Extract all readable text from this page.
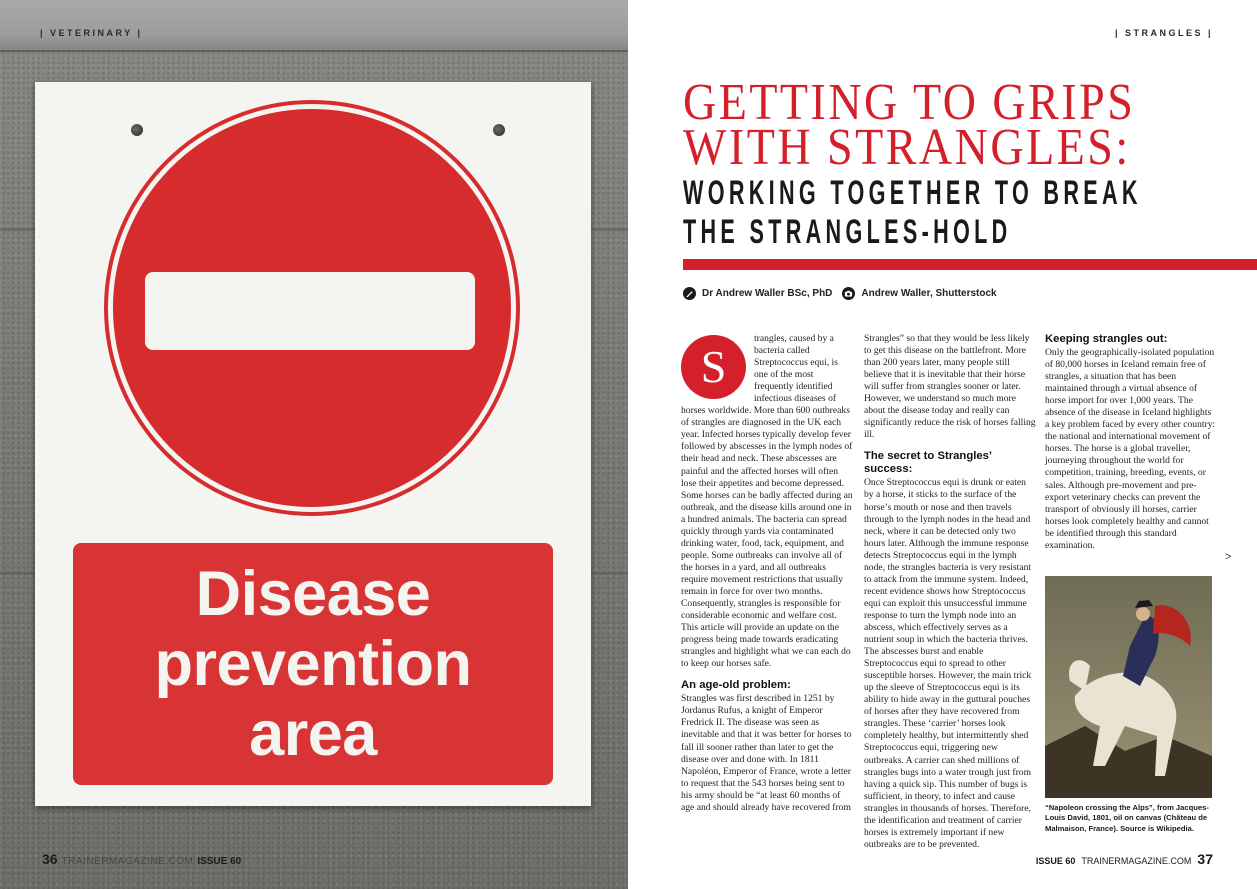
| VETERINARY |
Disease
prevention
area
36 TRAINERMAGAZINE.COM ISSUE 60
| STRANGLES |
GETTING TO GRIPS WITH STRANGLES:
WORKING TOGETHER TO BREAK THE STRANGLES-HOLD
Dr Andrew Waller BSc, PhD	Andrew Waller, Shutterstock
S

trangles, caused by a bacteria called Streptococcus equi, is one of the most frequently identified infectious diseases of horses worldwide. More than 600 outbreaks of strangles are diagnosed in the UK each year. Infected horses typically develop fever followed by abscesses in the lymph nodes of their head and neck. These abscesses are painful and the affected horses will often lose their appetites and become depressed. Some horses can be badly affected during an outbreak, and the disease kills around one in a hundred animals. The bacteria can spread quickly through yards via contaminated drinking water, food, tack, equipment, and people. Some outbreaks can involve all of the horses in a yard, and all outbreaks require movement restrictions that usually remain in force for over two months. Consequently, strangles is responsible for considerable economic and welfare cost. This article will provide an update on the progress being made towards eradicating strangles and highlight what we can each do to keep our horses safe.

An age-old problem:

Strangles was first described in 1251 by Jordanus Rufus, a knight of Emperor Fredrick II. The disease was seen as inevitable and that it was better for horses to fall ill sooner rather than later to get the disease over and done with. In 1811 Napoléon, Emperor of France, wrote a letter to request that the 543 horses being sent to his army should be “at least 60 months of age and should already have recovered from

Strangles” so that they would be less likely to get this disease on the battlefront. More than 200 years later, many people still believe that it is inevitable that their horse will suffer from strangles sooner or later. However, we understand so much more about the disease today and really can significantly reduce the risk of horses falling ill.

The secret to Strangles’ success:

Once Streptococcus equi is drunk or eaten by a horse, it sticks to the surface of the horse’s mouth or nose and then travels through to the lymph nodes in the head and neck, where it can be detected only two hours later. Although the immune response detects Streptococcus equi in the lymph node, the strangles bacteria is very resistant to attack from the immune system. Indeed, recent evidence shows how Streptococcus equi can exploit this unsuccessful immune response to turn the lymph node into an abscess, which effectively serves as a nutrient soup in which the bacteria thrives. The abscesses burst and enable Streptococcus equi to spread to other susceptible horses. However, the main trick up the sleeve of Streptococcus equi is its ability to hide away in the guttural pouches of horses after they have recovered from strangles. These ‘carrier’ horses look completely healthy, but intermittently shed Streptococcus equi, triggering new outbreaks. A carrier can shed millions of strangles bugs into a water trough just from having a quick sip. This number of bugs is sufficient, in theory, to infect and cause strangles in thousands of horses. Therefore, the identification and treatment of carrier horses is extremely important if new outbreaks are to be prevented.

Keeping strangles out:

Only the geographically-isolated population of 80,000 horses in Iceland remain free of strangles, a situation that has been maintained through a virtual absence of horse import for over 1,000 years. The absence of the disease in Iceland highlights a key problem faced by every other country: the national and international movement of horses. The horse is a global traveller, journeying throughout the world for competition, training, breeding, events, or sales. Although pre-movement and pre-export veterinary checks can prevent the transport of obviously ill horses, carrier horses look completely healthy and cannot be identified through this standard examination.

>
“Napoleon crossing the Alps”, from Jacques-Louis David, 1801, oil on canvas (Château de Malmaison, France). Source is Wikipedia.
ISSUE 60 TRAINERMAGAZINE.COM 37
